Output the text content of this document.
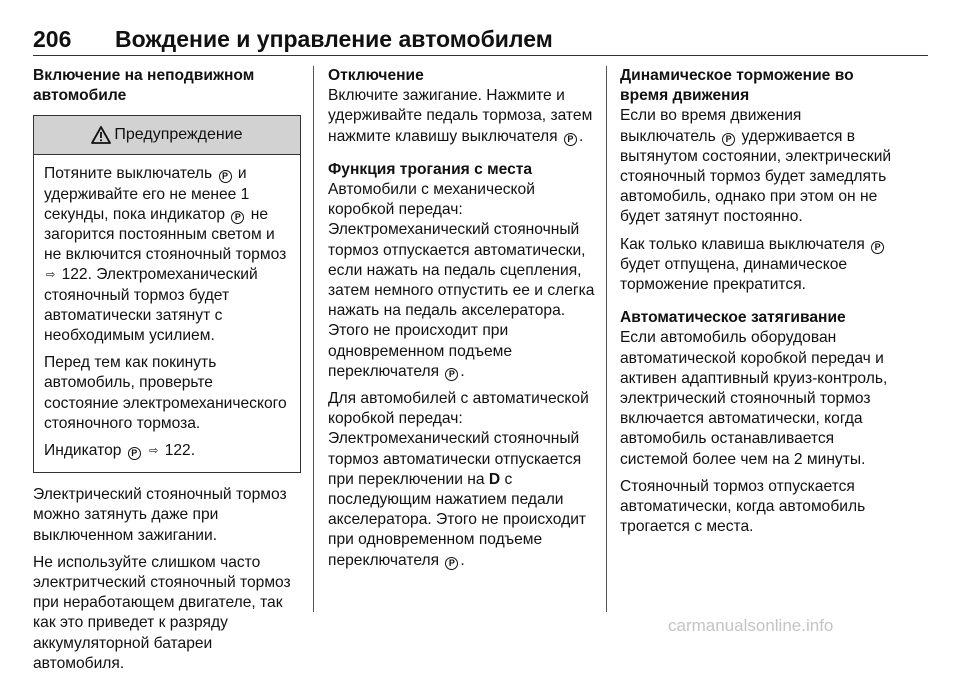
206 Вождение и управление автомобилем
Включение на неподвижном автомобиле
Предупреждение

Потяните выключатель P и удерживайте его не менее 1 секунды, пока индикатор P не загорится постоянным светом и не включится стояночный тормоз ⇨ 122. Электромеханический стояночный тормоз будет автоматически затянут с необходимым усилием.

Перед тем как покинуть автомобиль, проверьте состояние электромеханического стояночного тормоза.

Индикатор P ⇨ 122.

Электрический стояночный тормоз можно затянуть даже при выключенном зажигании.

Не используйте слишком часто электритческий стояночный тормоз при неработающем двигателе, так как это приведет к разряду аккумуляторной батареи автомобиля.

Отключение

Включите зажигание. Нажмите и удерживайте педаль тормоза, затем нажмите клавишу выключателя P .

Функция трогания с места

Автомобили с механической коробкой передач: Электромеханический стояночный тормоз отпускается автоматически, если нажать на педаль сцепления, затем немного отпустить ее и слегка нажать на педаль акселератора. Этого не происходит при одновременном подъеме переключателя P .

Для автомобилей с автоматической коробкой передач: Электромеханический стояночный тормоз автоматически отпускается при переключении на D с последующим нажатием педали акселератора. Этого не происходит при одновременном подъеме переключателя P .

Динамическое торможение во время движения

Если во время движения выключатель P удерживается в вытянутом состоянии, электрический стояночный тормоз будет замедлять автомобиль, однако при этом он не будет затянут постоянно.

Как только клавиша выключателя P будет отпущена, динамическое торможение прекратится.

Автоматическое затягивание

Если автомобиль оборудован автоматической коробкой передач и активен адаптивный круиз-контроль, электрический стояночный тормоз включается автоматически, когда автомобиль останавливается системой более чем на 2 минуты.

Стояночный тормоз отпускается автоматически, когда автомобиль трогается с места.

carmanualsonline.info
